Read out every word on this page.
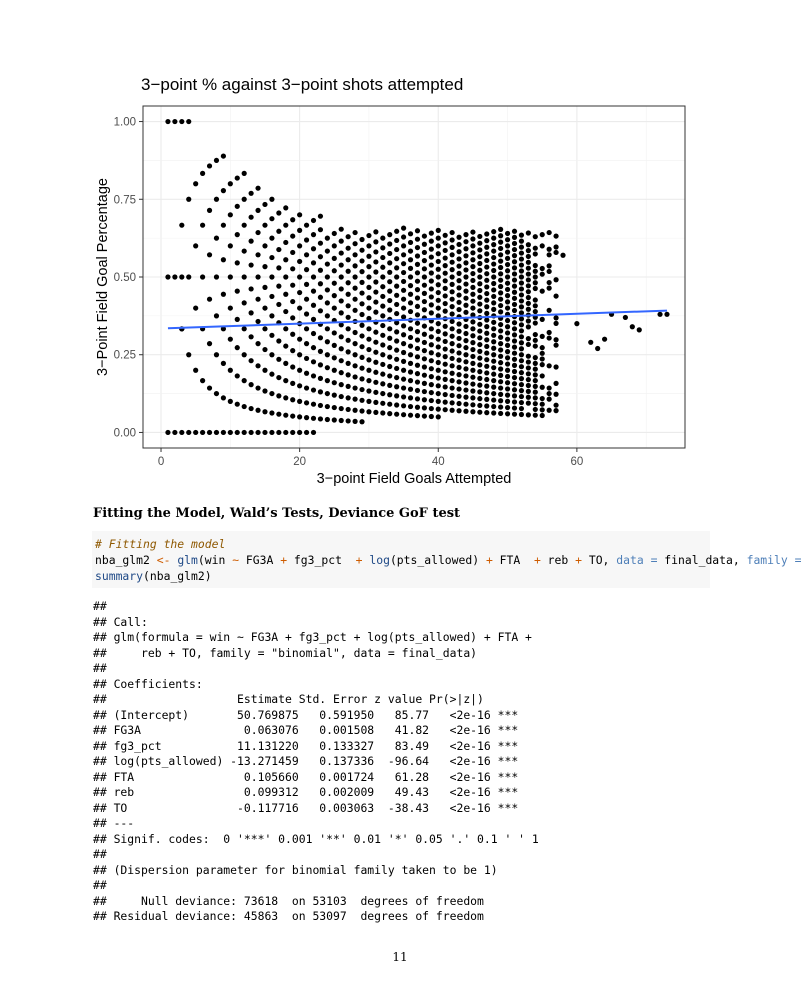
3−point % against 3−point shots attempted
0	20	40	60
0.00
0.25
0.50
0.75
1.00
3−point Field Goals Attempted
3−Point Field Goal Percentage
Fitting the Model, Wald’s Tests, Deviance GoF test
# Fitting the model
nba_glm2 <- glm(win ~ FG3A + fg3_pct  + log(pts_allowed) + FTA  + reb + TO, data = final_data, family =
summary(nba_glm2)
##
## Call:
## glm(formula = win ~ FG3A + fg3_pct + log(pts_allowed) + FTA +
##     reb + TO, family = "binomial", data = final_data)
##
## Coefficients:
##                   Estimate Std. Error z value Pr(>|z|)
## (Intercept)       50.769875   0.591950   85.77   <2e-16 ***
## FG3A               0.063076   0.001508   41.82   <2e-16 ***
## fg3_pct           11.131220   0.133327   83.49   <2e-16 ***
## log(pts_allowed) -13.271459   0.137336  -96.64   <2e-16 ***
## FTA                0.105660   0.001724   61.28   <2e-16 ***
## reb                0.099312   0.002009   49.43   <2e-16 ***
## TO                -0.117716   0.003063  -38.43   <2e-16 ***
## ---
## Signif. codes:  0 '***' 0.001 '**' 0.01 '*' 0.05 '.' 0.1 ' ' 1
##
## (Dispersion parameter for binomial family taken to be 1)
##
##     Null deviance: 73618  on 53103  degrees of freedom
## Residual deviance: 45863  on 53097  degrees of freedom
11
